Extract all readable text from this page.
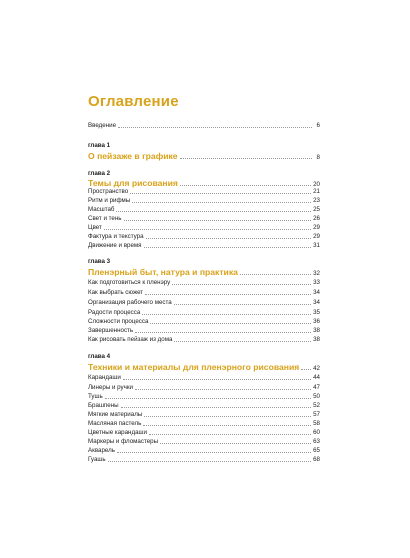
Оглавление
Введение	6
глава 1
О пейзаже в графике	8
глава 2
Темы для рисования	20
Пространство	21
Ритм и рифмы	23
Масштаб	25
Свет и тень	26
Цвет	29
Фактура и текстура	29
Движение и время	31
глава 3
Пленэрный быт, натура и практика	32
Как подготовиться к пленэру	33
Как выбрать сюжет	34
Организация рабочего места	34
Радости процесса	35
Сложности процесса	36
Завершенность	38
Как рисовать пейзаж из дома	38
глава 4
Техники и материалы для пленэрного рисования 42
Карандаши	44
Линеры и ручки	47
Тушь	50
Брашпены	52
Мягкие материалы	57
Масляная пастель	58
Цветные карандаши	60
Маркеры и фломастеры	63
Акварель	65
Гуашь	68
